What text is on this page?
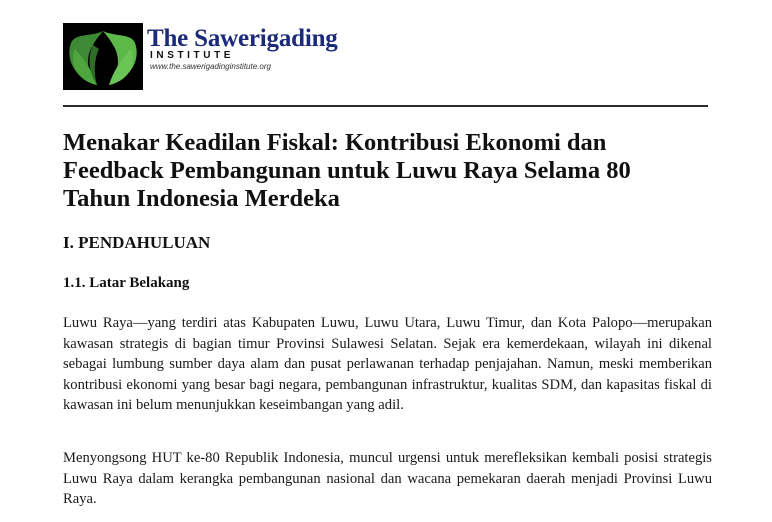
The Sawerigading
INSTITUTE
www.the.sawerigadinginstitute.org
Menakar Keadilan Fiskal: Kontribusi Ekonomi dan Feedback Pembangunan untuk Luwu Raya Selama 80 Tahun Indonesia Merdeka
I. PENDAHULUAN
1.1. Latar Belakang

Luwu Raya—yang terdiri atas Kabupaten Luwu, Luwu Utara, Luwu Timur, dan Kota Palopo—merupakan kawasan strategis di bagian timur Provinsi Sulawesi Selatan. Sejak era kemerdekaan, wilayah ini dikenal sebagai lumbung sumber daya alam dan pusat perlawanan terhadap penjajahan. Namun, meski memberikan kontribusi ekonomi yang besar bagi negara, pembangunan infrastruktur, kualitas SDM, dan kapasitas fiskal di kawasan ini belum menunjukkan keseimbangan yang adil.

Menyongsong HUT ke-80 Republik Indonesia, muncul urgensi untuk merefleksikan kembali posisi strategis Luwu Raya dalam kerangka pembangunan nasional dan wacana pemekaran daerah menjadi Provinsi Luwu Raya.
